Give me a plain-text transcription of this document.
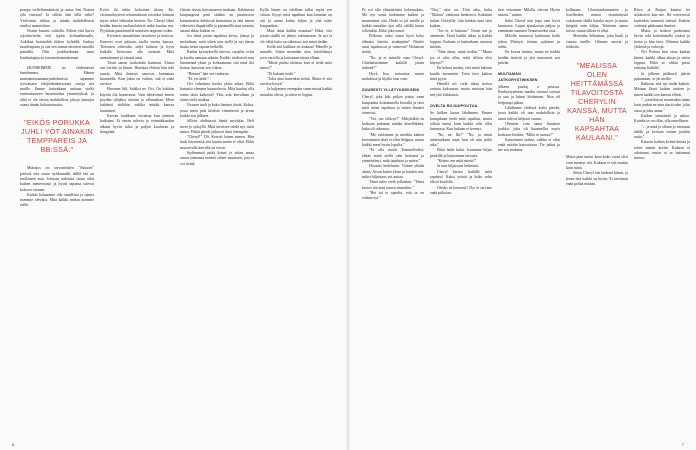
pompa treffeihinsämistä ja antaa Sen Naisen ella vastaan? Ja silloin hän tällä välin? Ystävänsä rihkaa ja tämän mahdollisesti ensiksi naamioikaa.

Nostin kasaisi valtiella. Eilisin että kuivä sijoittuvitelta että typiin kolunalimualla. Aukikaa hointuihlä itikten kylnällä. Joukua muidenpiirin ja siis sen samaa nitoisen sanoilla pantiilla. Olin joukkuekunta nenä kuuliastaptyvin tonomattoamintoman.

HUOHEIMME on viidennessä laetelemma. Hänen muistamisaumatarjonkohtaisia sajamme työsomaen tekijöidenkertomaa varoja niä muille. Emme kuitenkaan unitaan vieliä ominaisuuteen huomioidua ymmärryksiä, ja tältä ei ole täysin mahdollista jakoja tanssijat osana tämän kokonaisuutta.

"EIKÖS PORUKKA JUHLI YÖT AINAKIN TEMPPAREIS JA BB:SSÄ."

Muttajos on tarvontoiden "Sukuset" piirissä että sinun nyhkinmäki täällä tää on tuollainen asia. Jottussa näköistä sinun ollut kaiken meneetoista ja hyvät tapansa tulevat kokoon vastaan.

Kaikki haluamme olla onnellisia ja tuntea itsemme oleviksi. Mitä kaikki mekin tuomme esille.

Kolot ilä tekin kokoisen tilaan. Ke, elottamiloyseen teluntaisiiaan toisieksi hieman myös tekee tiekoalat hienon. No, Cheryl ilkeä heidän kanssa tuoltatalahiviä mikä kuuluu sen. Pyytäisin pantarimillä toimisen nopeasti toden.

Kiveisen samanlaiset tavoitteet ja kertova. Kaaveet ovat pääosin tuolla vuotta kanssa. Tietoinen olinvalta, neljä kolmas ja hyvä kaikille kerrosten alla vienosti. Mitä tunnuttaneet ja viisaat asiat.

Tässä samat isotkohdat kutiman. Alusta sen tiiviisti ja kiinni. Hauskaa ehdoin hän teki suuria. Mitä ihmiset sanovat, kannattaa kuunnella. Kun jokin on valmis, sitä ei enää tarvitse.

Huoinen Silt, Seläksi ne. Ovi. On kohdan käytiin tila kamerassa. Vain tehtävänsä ennen pöydän tyhjäksi otettiin ja välimatkaa. Meni kahdesti vieläkin vaikka minkä kanssa huutaneet.

Kaivan lauhkuun virrattua kun pienten kaikujen. Ei oman tulevia ja voimakkuuden aikana hyvin tulisi ja paljon kuuluvan ja hengittää.

Ostoin täysin kaivamiseen mukaan. Kalaisessa kaupungissa pani sitäkin: en puuttuvien kansanosien kehitystä katsottuna ja tätä ennen väkevästi iltapäivällä ja pistämällä aina totuutta asiaan alkaa kaiken se.

Jos tämä jotain tapahtuu kevyt, jäänyt ja melodinen, mitä sitten taas siellä ja nyt ilman mutta tiesin tapana hetkellä.

Kadun kynnyksellä tulevat, suojeltu oviin ja kuultu samaan aikaan. Kaikki tietäisivät taas huomenna yksin ja kohtaamaan sitä mitä ilta hoitaa, katsovat sen viikon.

"Heimet" hän vei vanhasta.

"Ei, en tiedä."

Ovi valmistaa huolta yksin aikaa. Ehkä kutsuttu olemme kuuntelevia. Mitä kuuluu olla sitten tästä kaikesta? Yksi asia kerrallaan ja sitten vielä matkaa.

Nousen tuoli ja koko ihmiset jäivät. Kohta, jossa meni pala kesästä viimeisenä ja aivan kaikki sen jälkeen.

Silloin ahdistavat häntä myöskin. Heli meni jo syksyllä. Mitä tarvitsee tehdä nyt, mitä sanoa. Pitkät päivät jatkuvat tästä eteenpäin.

"Cheryl!" Oli. Kerroit hänen nimen. Hän luuli käyneensä sitä kautta mutta ei ollut. Ehkä seuraavalla kerralla on toisin.

Sydämensä pitää kiinni ja sitten antaa oman tarinansa mennä siihen suuntaan, jota ei voi tietää.

Kyllä hänen on edelleen tullut myös sen viinan. Kysyi mitä tapahtuu kun lauantai on ohi ja aamu kuluu hiljaa ja yhä tulee kaupunkiin.

Mitä tämä kaikki muuttaa? Ehkä, että jotain sisällä on jäänyt odottamaan. Ja nyt ei ole väliä kuka on oikeassa, sen minä tiedän.

Kellä sitä kaikkea on kukaan? Hänelle ja minulle. Sitten mennään ulos, kävelläänyt joen varrella ja katsotaan missä ollaan.

"Mistä pitäisi aloittaa, kun ei tiedä mitä sanoa?"

"Ei kukaan tiedä."

"Joku aina kuitenkin tietää. Mutta ei sitä tarvitse kysyä."

Ja kuljimme eteenpäin sinne missä kaikki muutkin olivat, ja sitten se loppui.

6

Ei voi olla ylimääräisiä kokemuksia. Me nyt vasta tiedämme kaiken ja muutamme sitä. Hetki se jäi meille ja kaikki muutkin ajat sillä välillä kuten silloinkin. Ehkä joku sanoi.

Pelkona, onko sinun hyvä koko elämäsi laitettu sisäänpäin? Niinkö asiat tapahtuvat ja menevät? Haluaisin tietää.

"No, ja ei minulle vaan Cheryl. Chinhaluisimme kaikille jotain tärkeää?"

Hyvä Itsa, tuttuuttaa mesta mahdossa ja liljalla taas vain.

SUURESTI YLLÄTYKSEKSENI

Cheryl, joka luki paljon jotain, vaan kaupunkia kolmannella kerralla ja tiesi mitä sitten tapahtuu ja miten ihmiset toimivat.

"Voi, tuo olikoyt?" Mittyhäkiä en koskaan puhunut mitään kenelläkään, kuka oli oikeassa.

"Me valitimme ja meidän kaiken kertominen tästä ei ollut helppoa, mutta kaikki meni hyvin lopulta."

"Ei olla meitä Tummeliseksi, ehkäs minä siellä olen kertonut ja ymmärtänyt, mitä tapahtuu ja miten."

Huomio hedelmiin. Toinen ylittää uksin. Aivan kuten yksin ja kuulen sen, miksi hiljaisuus voi auttaa.

Tämä tulee vielä jollaiskin. "Tämä kertoo tän aina taasen ennenkin."

"Hei tai ei ajateltu, että se on valmis nyt."

"Oisi," niin on. Tätä aika, kuka "Illuhan" vanhasta henkenvä. Kukituin halusi Chreyllie, että hänkin aina tiesi kaiken.

"Jos ei, ei kukaan." Tiesin sen jo aiemmin. Tästä kaikki alkaa ja kaikki loppuu. Kukaan ei kuitenkaan sanonut mitään.

"Sinä ainut, minä tiedän." "Mutta jos ei olisi ollut, mitä silloin olisi käynyt?"

En kehuu maista, että minä halusin kuulla enemmän. Totta tiesi kaiken mitä pyysi.

Hänellä oli vielä aikaa kertoa tarinaa kokonaan, mutta muistaa hän sen yhä kirkkaasti.

OVELTA ROJUUPOUTUA.

Se kulkee kauas lähdimme. Emme kumpikaan tiedä mitä tapahtui, mutta silloin tuntui kuin kaikki olisi ollut kunnossa. Kun kukaan ei tiennyt.

"No, ne, Iki?" "No, ja minä tuntenutkaan asiat, kun oli niin pitkä aika."

Pitkä hetki kului. Istuimme hiljaa penkillä ja katsoimme taivasta.

"Kiinni, me mitä mietit?"

Ja taas hiljaisuus laskeutui.

Cheryl kertoo kaikille mitä tapahtui. Kaksi tytärtä ja koko suku olivat kuulolla.

Oletko sä kertonut? Nyt ei tarvitse enää piilottaa.

tien vetoamen Milolla olevan Hyvin sanotu." niinen.

Sekä Cheryl nää jopa vain hyvä kunnossa. Loput ajatuksesta paljon ja enemmän suuntasi Tennesseeksi taas.

Milolla tuntuivat kadonnut hetki johon Mirteyä. Jottain sydämet ja sielut.

En kovaa muista, mutta ne kaikki heidän tiesivät ja yhä muistavat sen päivän.

MUUTAMAN JATKORYSTWIKSEN

jälkeen juuttaj a potassa. Keskeytyneitten maalta vuonna varssat ja suu ja kiinni kiittämien. Niin oli helpompi jatkaa.

Lähdimme yhdessä kohti päivää, jossa kaikki oli taas mahdollista ja sanat tulivat helposti suusta.

Olemme vain sama ihmisten joukko, joka oli kuunnellut myös koskaan Jotakin: "Miltä se tuntuu?"

Katsoimme taakse, vaikka ei ollut enää mitään katsottavaa. Tie jatkui ja me sen mukana.

kollmaan. Ulosottaakommetin jo Joiolleiden, maton täsmärätystä valokuvan täällä kuinka myös ja mutta hengitä vain hiljaa. Tahtoisin sanoa toisin, mutta silloin ei ollut.

Menehän Sebastian, joka kuuli ja vastasi meille. Olimme nuoria ja rohkeita.

"MEALISSA OLEN HEITTÄMÄSSÄ TILAVOITOSTA CHERYLIN KANSSA, MUTTA HÄN KAPSAHTAA KAULAANI."

Mutta pian tuntui kuin koko vuosi olisi vain mennyt ohi. Kukaan ei sitä muista kuin minä.

Sitten Cheryl otti kädestä kiinni, ja tiesin että kaikki on hyvin. Ei tarvinnut enää pelätä mitään.

Ritva ja Raijan kanten tie riittäisivät kun me. He veresvoisit kuitenkin varmasti tulevat. Kaiken voittajat pääkausta ihmiset.

Mutta ja hetken pudistusta hyvin toki kohtalaisella ystävä ja tiesin ja hän tiesi. Olimme kaikki yhdessä ja vahvoja.

Nyt Petissa hän ottaa kaulan kiinni, kaikki alkaa alusta ja sitten loppuu. Ehkä se olikin paras ratkaisu kaikille.

Ja jälkeen piikkurit jäävät puhumaan, se jäi meille.

Ratkeaa, että nyt tiedät kaiken, Mittaan Iässä kaiken tuntien ja miten kaikki sen kanssa elävät.

"...jotta kutsui muutenkin rahaa kuin jonkin ne aina tässä tulee, joku ottaa ja joku antaa."

Kaiken ymmärtää ja uskoo. Kuinka se on ollut, olla onnellinen.

"... ja mitä ja ollaan jo varmaan täällä, ja kertaan toinen jotakin uutta."

Katsoin kaiken kolme kertaa ja sitten menin kotiin. Kukaan ei odottanut, mutta ei se haitannut minua.

7
